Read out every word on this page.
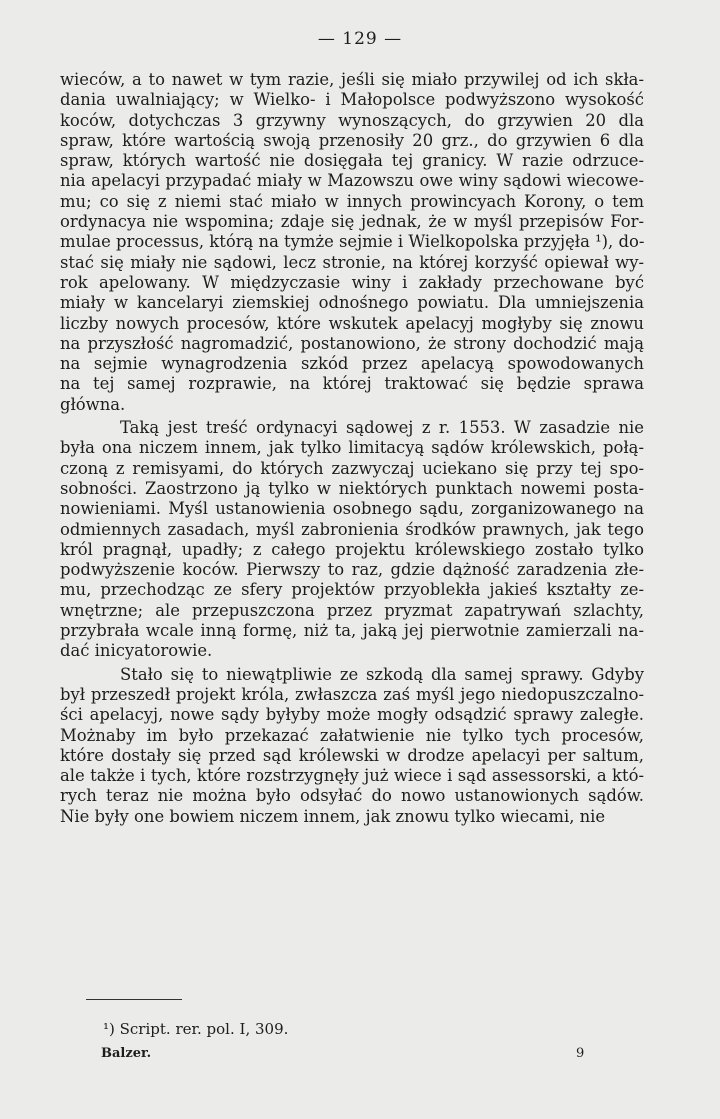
— 129 —
wieców, a to nawet w tym razie, jeśli się miało przywilej od ich skła-
dania uwalniający; w Wielko- i Małopolsce podwyższono wysokość
koców, dotychczas 3 grzywny wynoszących, do grzywien 20 dla
spraw, które wartością swoją przenosiły 20 grz., do grzywien 6 dla
spraw, których wartość nie dosięgała tej granicy. W razie odrzuce-
nia apelacyi przypadać miały w Mazowszu owe winy sądowi wiecowe-
mu; co się z niemi stać miało w innych prowincyach Korony, o tem
ordynacya nie wspomina; zdaje się jednak, że w myśl przepisów For-
mulae processus, którą na tymże sejmie i Wielkopolska przyjęła ¹), do-
stać się miały nie sądowi, lecz stronie, na której korzyść opiewał wy-
rok apelowany. W międzyczasie winy i zakłady przechowane być
miały w kancelaryi ziemskiej odnośnego powiatu. Dla umniejszenia
liczby nowych procesów, które wskutek apelacyj mogłyby się znowu
na przyszłość nagromadzić, postanowiono, że strony dochodzić mają
na sejmie wynagrodzenia szkód przez apelacyą spowodowanych
na tej samej rozprawie, na której traktować się będzie sprawa
główna.
Taką jest treść ordynacyi sądowej z r. 1553. W zasadzie nie
była ona niczem innem, jak tylko limitacyą sądów królewskich, połą-
czoną z remisyami, do których zazwyczaj uciekano się przy tej spo-
sobności. Zaostrzono ją tylko w niektórych punktach nowemi posta-
nowieniami. Myśl ustanowienia osobnego sądu, zorganizowanego na
odmiennych zasadach, myśl zabronienia środków prawnych, jak tego
król pragnął, upadły; z całego projektu królewskiego zostało tylko
podwyższenie koców. Pierwszy to raz, gdzie dążność zaradzenia złe-
mu, przechodząc ze sfery projektów przyoblekła jakieś kształty ze-
wnętrzne; ale przepuszczona przez pryzmat zapatrywań szlachty,
przybrała wcale inną formę, niż ta, jaką jej pierwotnie zamierzali na-
dać inicyatorowie.
Stało się to niewątpliwie ze szkodą dla samej sprawy. Gdyby
był przeszedł projekt króla, zwłaszcza zaś myśl jego niedopuszczalno-
ści apelacyj, nowe sądy byłyby może mogły odsądzić sprawy zaległe.
Możnaby im było przekazać załatwienie nie tylko tych procesów,
które dostały się przed sąd królewski w drodze apelacyi per saltum,
ale także i tych, które rozstrzygnęły już wiece i sąd assessorski, a któ-
rych teraz nie można było odsyłać do nowo ustanowionych sądów.
Nie były one bowiem niczem innem, jak znowu tylko wiecami, nie
¹) Script. rer. pol. I, 309.
Balzer.	9
